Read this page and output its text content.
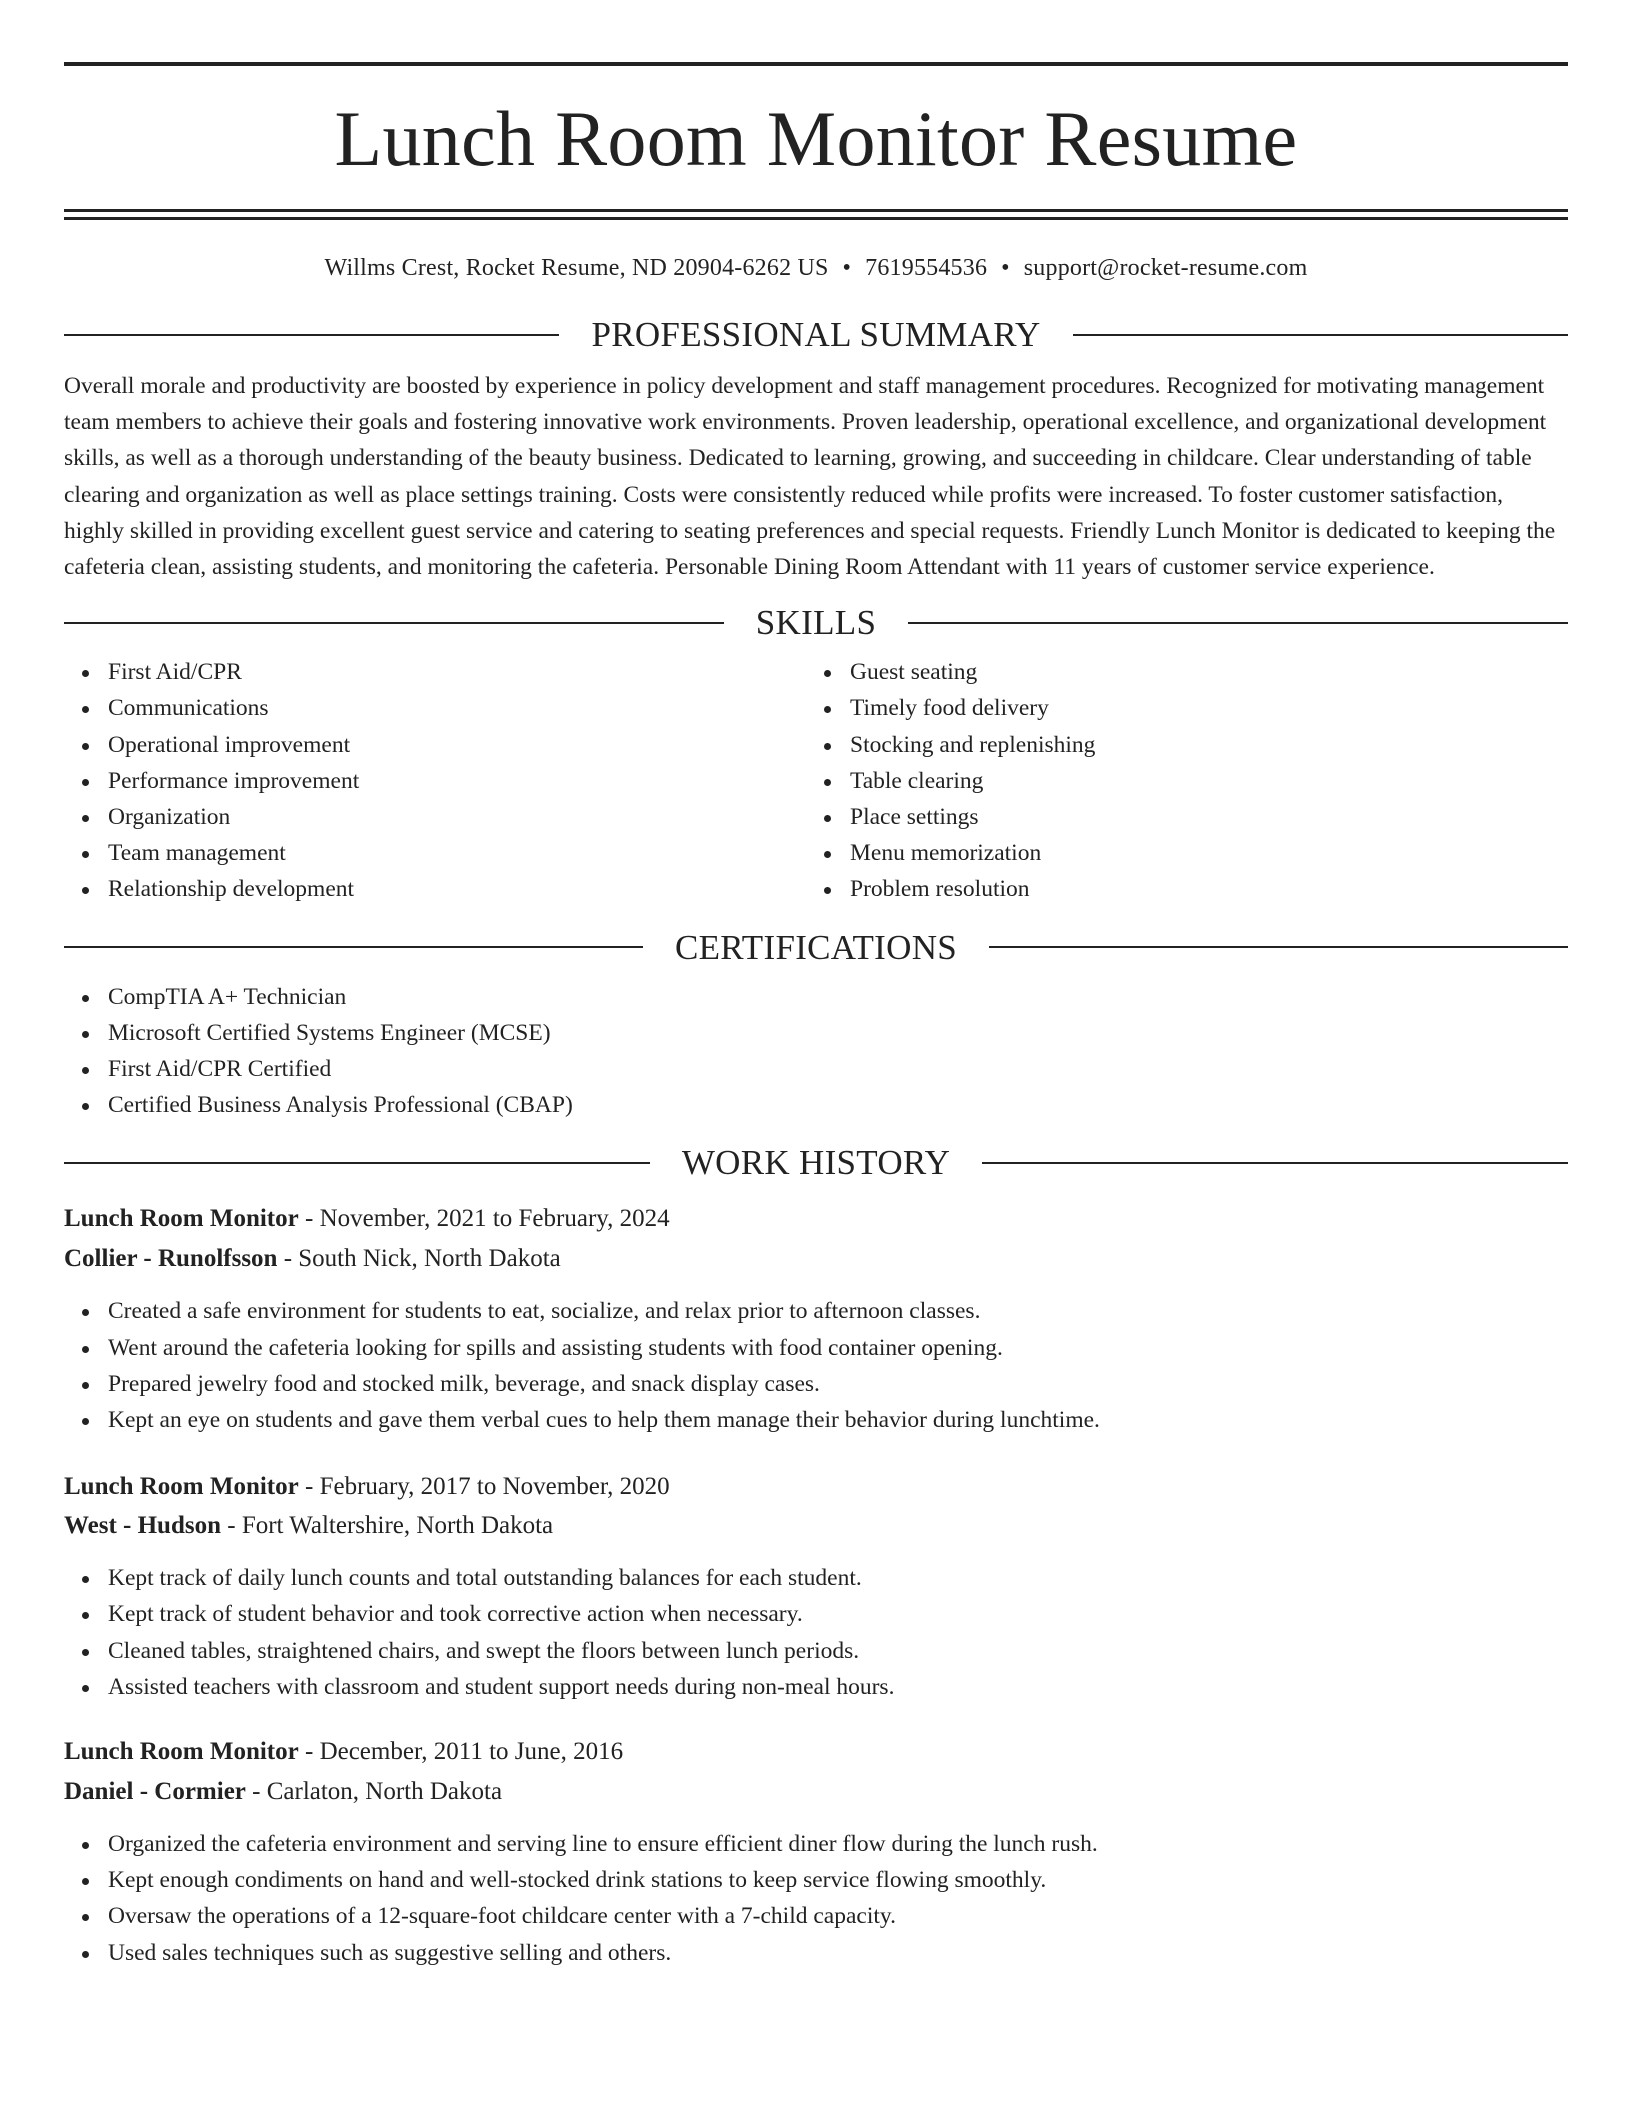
Lunch Room Monitor Resume
Willms Crest, Rocket Resume, ND 20904-6262 US • 7619554536 • support@rocket-resume.com
PROFESSIONAL SUMMARY

Overall morale and productivity are boosted by experience in policy development and staff management procedures. Recognized for motivating management team members to achieve their goals and fostering innovative work environments. Proven leadership, operational excellence, and organizational development skills, as well as a thorough understanding of the beauty business. Dedicated to learning, growing, and succeeding in childcare. Clear understanding of table clearing and organization as well as place settings training. Costs were consistently reduced while profits were increased. To foster customer satisfaction, highly skilled in providing excellent guest service and catering to seating preferences and special requests. Friendly Lunch Monitor is dedicated to keeping the cafeteria clean, assisting students, and monitoring the cafeteria. Personable Dining Room Attendant with 11 years of customer service experience.

SKILLS
First Aid/CPR
Communications
Operational improvement
Performance improvement
Organization
Team management
Relationship development
Guest seating
Timely food delivery
Stocking and replenishing
Table clearing
Place settings
Menu memorization
Problem resolution
CERTIFICATIONS
CompTIA A+ Technician
Microsoft Certified Systems Engineer (MCSE)
First Aid/CPR Certified
Certified Business Analysis Professional (CBAP)
WORK HISTORY
Lunch Room Monitor - November, 2021 to February, 2024
Collier - Runolfsson - South Nick, North Dakota
Created a safe environment for students to eat, socialize, and relax prior to afternoon classes.
Went around the cafeteria looking for spills and assisting students with food container opening.
Prepared jewelry food and stocked milk, beverage, and snack display cases.
Kept an eye on students and gave them verbal cues to help them manage their behavior during lunchtime.
Lunch Room Monitor - February, 2017 to November, 2020
West - Hudson - Fort Waltershire, North Dakota
Kept track of daily lunch counts and total outstanding balances for each student.
Kept track of student behavior and took corrective action when necessary.
Cleaned tables, straightened chairs, and swept the floors between lunch periods.
Assisted teachers with classroom and student support needs during non-meal hours.
Lunch Room Monitor - December, 2011 to June, 2016
Daniel - Cormier - Carlaton, North Dakota
Organized the cafeteria environment and serving line to ensure efficient diner flow during the lunch rush.
Kept enough condiments on hand and well-stocked drink stations to keep service flowing smoothly.
Oversaw the operations of a 12-square-foot childcare center with a 7-child capacity.
Used sales techniques such as suggestive selling and others.
